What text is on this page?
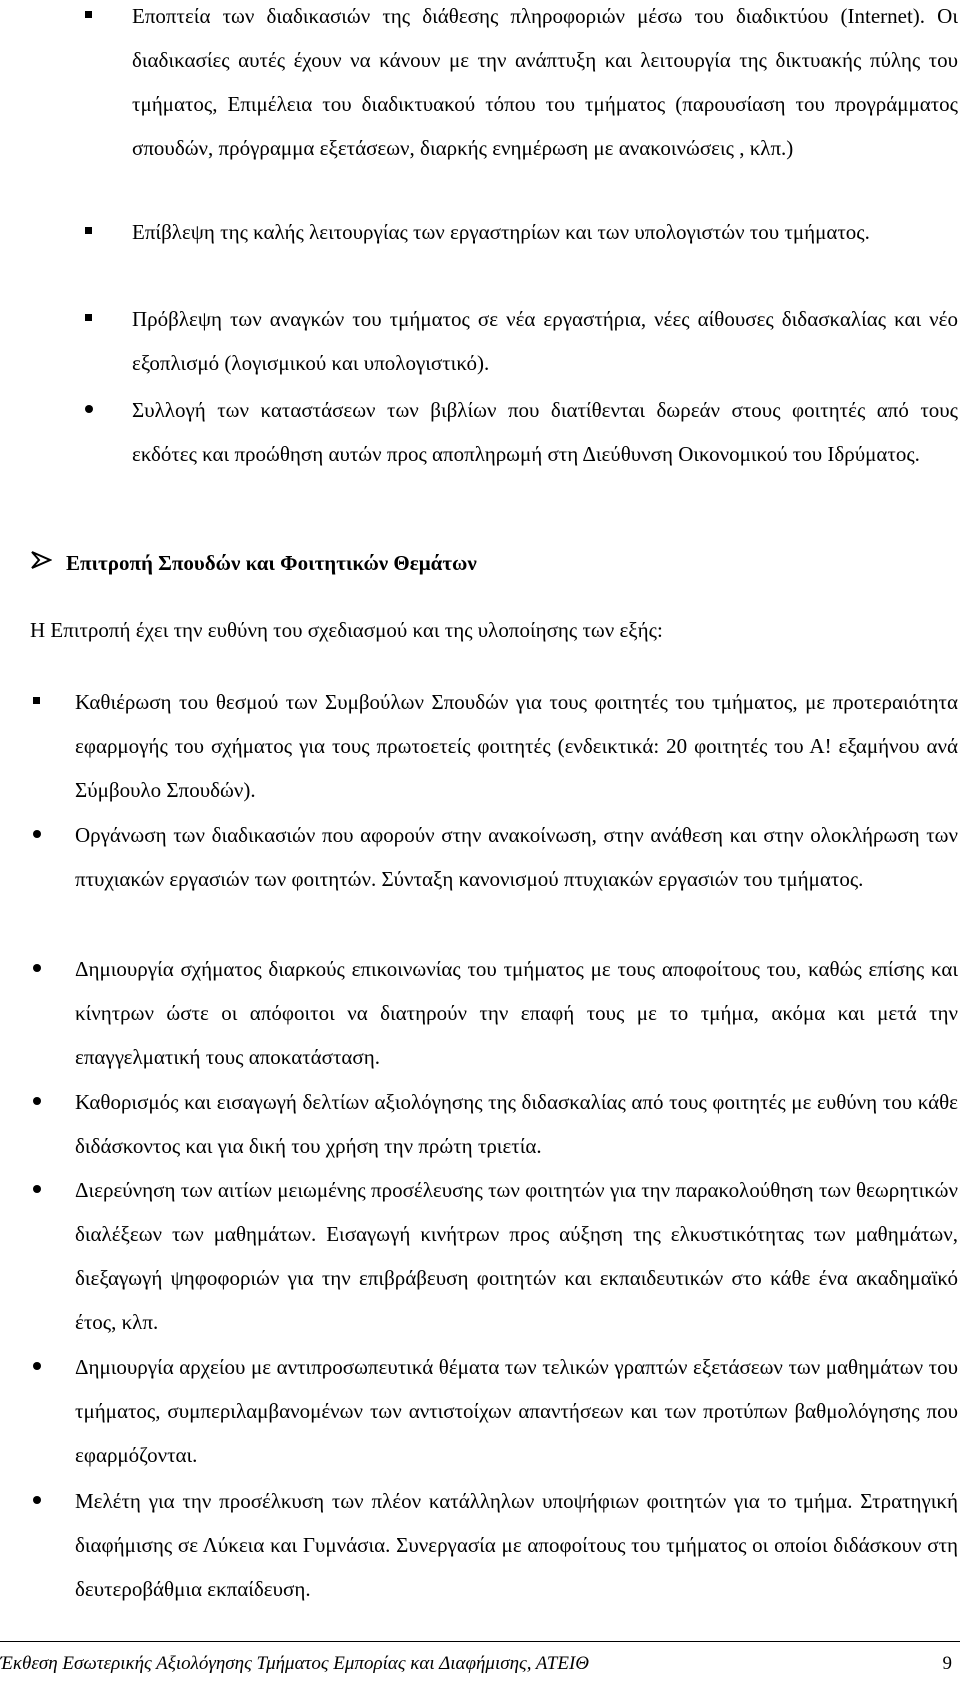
Εποπτεία των διαδικασιών της διάθεσης πληροφοριών μέσω του διαδικτύου (Internet). Οι διαδικασίες αυτές έχουν να κάνουν με την ανάπτυξη και λειτουργία της δικτυακής πύλης του τμήματος, Επιμέλεια του διαδικτυακού τόπου του τμήματος (παρουσίαση του προγράμματος σπουδών, πρόγραμμα εξετάσεων, διαρκής ενημέρωση με ανακοινώσεις , κλπ.)
Επίβλεψη της καλής λειτουργίας των εργαστηρίων και των υπολογιστών του τμήματος.
Πρόβλεψη των αναγκών του τμήματος σε νέα εργαστήρια, νέες αίθουσες διδασκαλίας και νέο εξοπλισμό (λογισμικού και υπολογιστικό).
Συλλογή των καταστάσεων των βιβλίων που διατίθενται δωρεάν στους φοιτητές από τους εκδότες και προώθηση αυτών προς αποπληρωμή στη Διεύθυνση Οικονομικού του Ιδρύματος.
Επιτροπή Σπουδών και Φοιτητικών Θεμάτων
Η Επιτροπή έχει την ευθύνη του σχεδιασμού και της υλοποίησης των εξής:
Καθιέρωση του θεσμού των Συμβούλων Σπουδών για τους φοιτητές του τμήματος, με προτεραιότητα εφαρμογής του σχήματος για τους πρωτοετείς φοιτητές (ενδεικτικά: 20 φοιτητές του Α! εξαμήνου ανά Σύμβουλο Σπουδών).
Οργάνωση των διαδικασιών που αφορούν στην ανακοίνωση, στην ανάθεση και στην ολοκλήρωση των πτυχιακών εργασιών των φοιτητών. Σύνταξη κανονισμού πτυχιακών εργασιών του τμήματος.
Δημιουργία σχήματος διαρκούς επικοινωνίας του τμήματος με τους αποφοίτους του, καθώς επίσης και κίνητρων ώστε οι απόφοιτοι να διατηρούν την επαφή τους με το τμήμα, ακόμα και μετά την επαγγελματική τους αποκατάσταση.
Καθορισμός και εισαγωγή δελτίων αξιολόγησης της διδασκαλίας από τους φοιτητές με ευθύνη του κάθε διδάσκοντος και για δική του χρήση την πρώτη τριετία.
Διερεύνηση των αιτίων μειωμένης προσέλευσης των φοιτητών για την παρακολούθηση των θεωρητικών διαλέξεων των μαθημάτων. Εισαγωγή κινήτρων προς αύξηση της ελκυστικότητας των μαθημάτων, διεξαγωγή ψηφοφοριών για την επιβράβευση φοιτητών και εκπαιδευτικών στο κάθε ένα ακαδημαϊκό έτος, κλπ.
Δημιουργία αρχείου με αντιπροσωπευτικά θέματα των τελικών γραπτών εξετάσεων των μαθημάτων του τμήματος, συμπεριλαμβανομένων των αντιστοίχων απαντήσεων και των προτύπων βαθμολόγησης που εφαρμόζονται.
Μελέτη για την προσέλκυση των πλέον κατάλληλων υποψήφιων φοιτητών για το τμήμα. Στρατηγική διαφήμισης σε Λύκεια και Γυμνάσια. Συνεργασία με αποφοίτους του τμήματος οι οποίοι διδάσκουν στη δευτεροβάθμια εκπαίδευση.
Έκθεση Εσωτερικής Αξιολόγησης Τμήματος Εμπορίας και Διαφήμισης, ΑΤΕΙΘ	9
